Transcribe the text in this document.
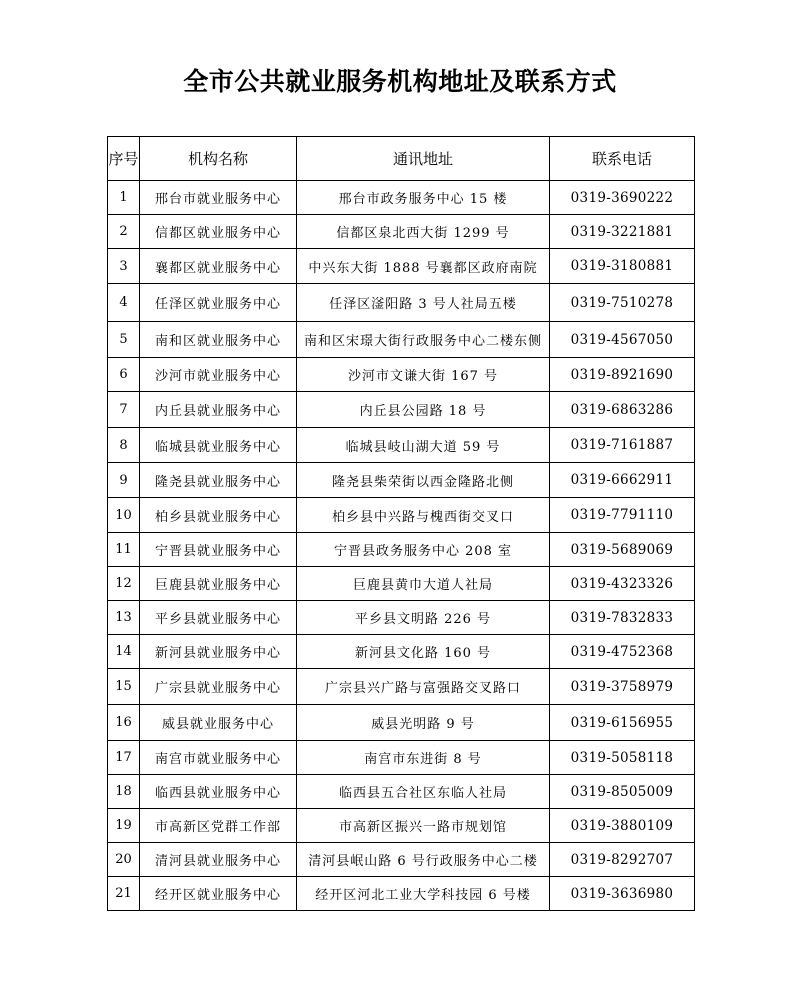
全市公共就业服务机构地址及联系方式
序号	机构名称	通讯地址	联系电话
1	邢台市就业服务中心	邢台市政务服务中心 15 楼	0319-3690222
2	信都区就业服务中心	信都区泉北西大街 1299 号	0319-3221881
3	襄都区就业服务中心	中兴东大街 1888 号襄都区政府南院	0319-3180881
4	任泽区就业服务中心	任泽区滏阳路 3 号人社局五楼	0319-7510278
5	南和区就业服务中心	南和区宋璟大街行政服务中心二楼东侧	0319-4567050
6	沙河市就业服务中心	沙河市文谦大街 167 号	0319-8921690
7	内丘县就业服务中心	内丘县公园路 18 号	0319-6863286
8	临城县就业服务中心	临城县岐山湖大道 59 号	0319-7161887
9	隆尧县就业服务中心	隆尧县柴荣街以西金隆路北侧	0319-6662911
10	柏乡县就业服务中心	柏乡县中兴路与槐西街交叉口	0319-7791110
11	宁晋县就业服务中心	宁晋县政务服务中心 208 室	0319-5689069
12	巨鹿县就业服务中心	巨鹿县黄巾大道人社局	0319-4323326
13	平乡县就业服务中心	平乡县文明路 226 号	0319-7832833
14	新河县就业服务中心	新河县文化路 160 号	0319-4752368
15	广宗县就业服务中心	广宗县兴广路与富强路交叉路口	0319-3758979
16	威县就业服务中心	威县光明路 9 号	0319-6156955
17	南宫市就业服务中心	南宫市东进街 8 号	0319-5058118
18	临西县就业服务中心	临西县五合社区东临人社局	0319-8505009
19	市高新区党群工作部	市高新区振兴一路市规划馆	0319-3880109
20	清河县就业服务中心	清河县岷山路 6 号行政服务中心二楼	0319-8292707
21	经开区就业服务中心	经开区河北工业大学科技园 6 号楼	0319-3636980
